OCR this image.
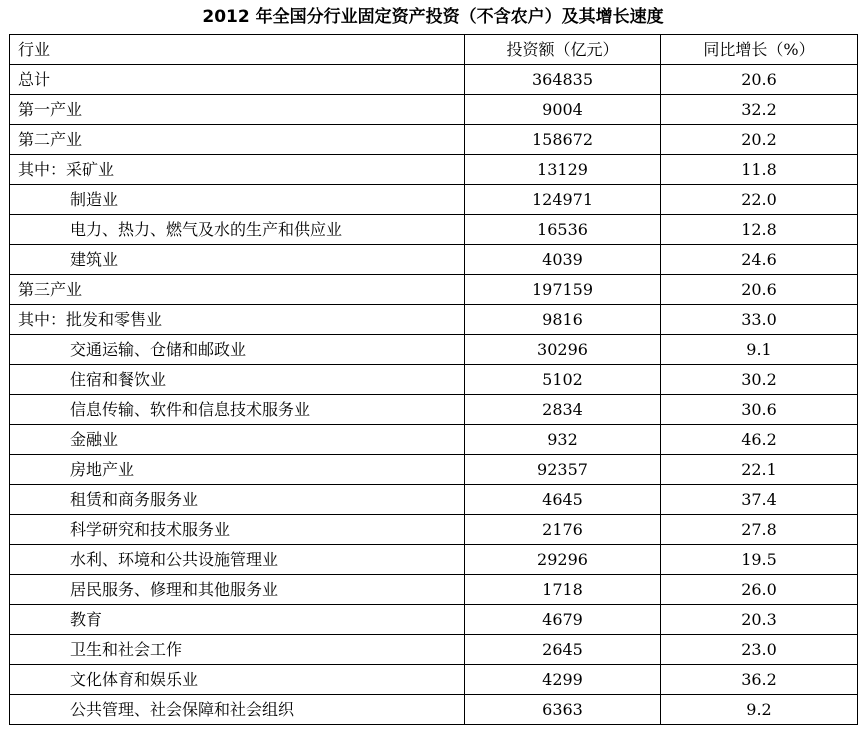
2012 年全国分行业固定资产投资（不含农户）及其增长速度
行业	投资额（亿元）	同比增长（%）
总计	364835	20.6
第一产业	9004	32.2
第二产业	158672	20.2
其中：采矿业	13129	11.8
制造业	124971	22.0
电力、热力、燃气及水的生产和供应业	16536	12.8
建筑业	4039	24.6
第三产业	197159	20.6
其中：批发和零售业	9816	33.0
交通运输、仓储和邮政业	30296	9.1
住宿和餐饮业	5102	30.2
信息传输、软件和信息技术服务业	2834	30.6
金融业	932	46.2
房地产业	92357	22.1
租赁和商务服务业	4645	37.4
科学研究和技术服务业	2176	27.8
水利、环境和公共设施管理业	29296	19.5
居民服务、修理和其他服务业	1718	26.0
教育	4679	20.3
卫生和社会工作	2645	23.0
文化体育和娱乐业	4299	36.2
公共管理、社会保障和社会组织	6363	9.2
